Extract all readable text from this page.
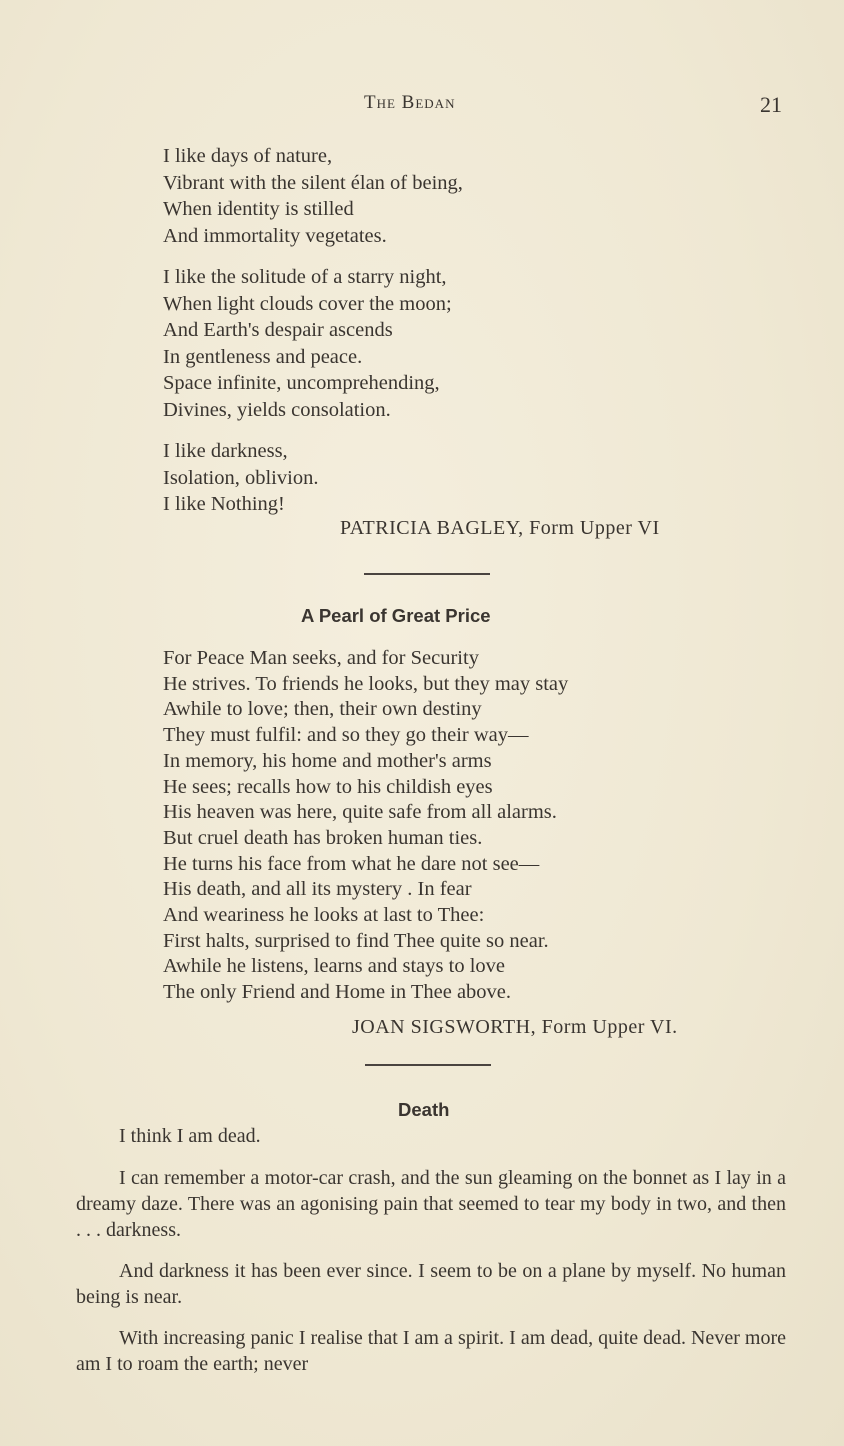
The Bedan	21
I like days of nature,
Vibrant with the silent élan of being,
When identity is stilled
And immortality vegetates.
I like the solitude of a starry night,
When light clouds cover the moon;
And Earth's despair ascends
In gentleness and peace.
Space infinite, uncomprehending,
Divines, yields consolation.
I like darkness,
Isolation, oblivion.
I like Nothing!
PATRICIA BAGLEY, Form Upper VI
A Pearl of Great Price
For Peace Man seeks, and for Security
He strives. To friends he looks, but they may stay
Awhile to love; then, their own destiny
They must fulfil: and so they go their way—
In memory, his home and mother's arms
He sees; recalls how to his childish eyes
His heaven was here, quite safe from all alarms.
But cruel death has broken human ties.
He turns his face from what he dare not see—
His death, and all its mystery . In fear
And weariness he looks at last to Thee:
First halts, surprised to find Thee quite so near.
Awhile he listens, learns and stays to love
The only Friend and Home in Thee above.
JOAN SIGSWORTH, Form Upper VI.
Death

I think I am dead.

I can remember a motor-car crash, and the sun gleaming on the bonnet as I lay in a dreamy daze. There was an agonising pain that seemed to tear my body in two, and then . . . darkness.

And darkness it has been ever since. I seem to be on a plane by myself. No human being is near.

With increasing panic I realise that I am a spirit. I am dead, quite dead. Never more am I to roam the earth; never
